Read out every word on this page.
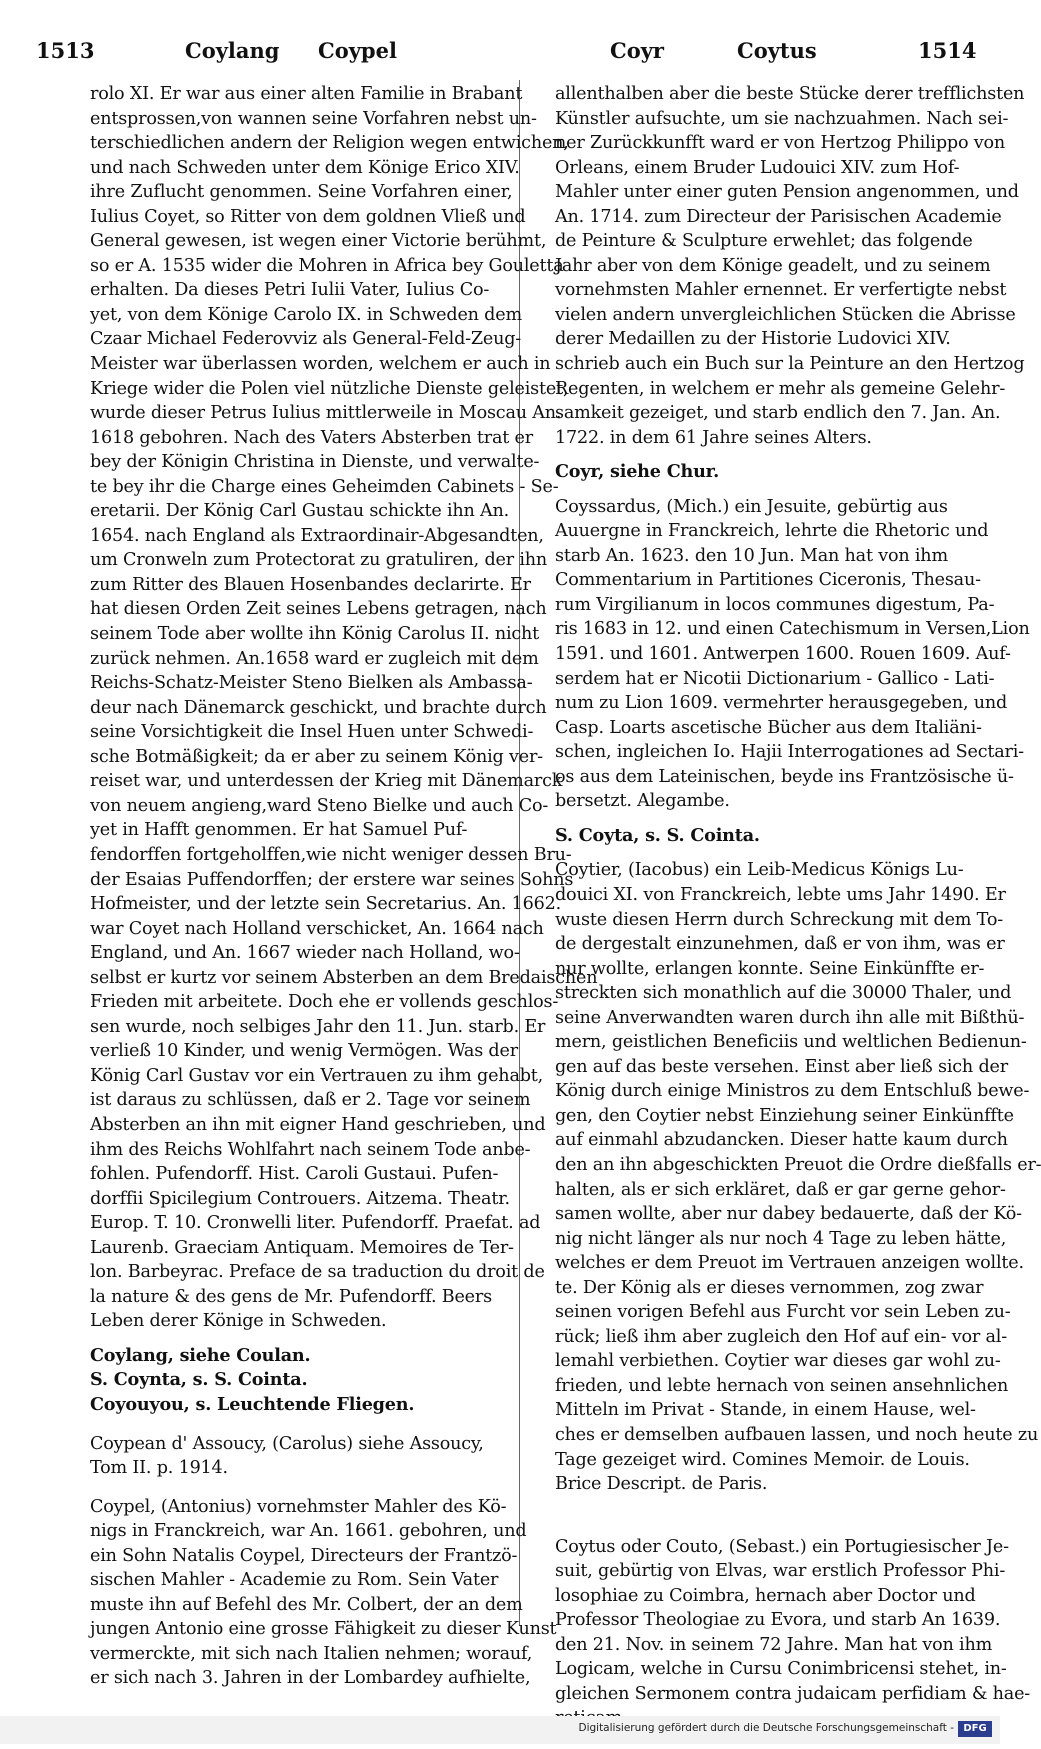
1513	Coylang Coypel	Coyr	Coytus	1514
rolo XI. Er war aus einer alten Familie in Brabant
entsprossen,von wannen seine Vorfahren nebst un-
terschiedlichen andern der Religion wegen entwichen,
und nach Schweden unter dem Könige Erico XIV.
ihre Zuflucht genommen. Seine Vorfahren einer,
Iulius Coyet, so Ritter von dem goldnen Vließ und
General gewesen, ist wegen einer Victorie berühmt,
so er A. 1535 wider die Mohren in Africa bey Gouletta
erhalten. Da dieses Petri Iulii Vater, Iulius Co-
yet, von dem Könige Carolo IX. in Schweden dem
Czaar Michael Federovviz als General-Feld-Zeug-
Meister war überlassen worden, welchem er auch in
Kriege wider die Polen viel nützliche Dienste geleistet,
wurde dieser Petrus Iulius mittlerweile in Moscau An.
1618 gebohren. Nach des Vaters Absterben trat er
bey der Königin Christina in Dienste, und verwalte-
te bey ihr die Charge eines Geheimden Cabinets - Se-
eretarii. Der König Carl Gustau schickte ihn An.
1654. nach England als Extraordinair-Abgesandten,
um Cronweln zum Protectorat zu gratuliren, der ihn
zum Ritter des Blauen Hosenbandes declarirte. Er
hat diesen Orden Zeit seines Lebens getragen, nach
seinem Tode aber wollte ihn König Carolus II. nicht
zurück nehmen. An.1658 ward er zugleich mit dem
Reichs-Schatz-Meister Steno Bielken als Ambassa-
deur nach Dänemarck geschickt, und brachte durch
seine Vorsichtigkeit die Insel Huen unter Schwedi-
sche Botmäßigkeit; da er aber zu seinem König ver-
reiset war, und unterdessen der Krieg mit Dänemarck
von neuem angieng,ward Steno Bielke und auch Co-
yet in Hafft genommen. Er hat Samuel Puf-
fendorffen fortgeholffen,wie nicht weniger dessen Bru-
der Esaias Puffendorffen; der erstere war seines Sohns
Hofmeister, und der letzte sein Secretarius. An. 1662.
war Coyet nach Holland verschicket, An. 1664 nach
England, und An. 1667 wieder nach Holland, wo-
selbst er kurtz vor seinem Absterben an dem Bredaischen
Frieden mit arbeitete. Doch ehe er vollends geschlos-
sen wurde, noch selbiges Jahr den 11. Jun. starb. Er
verließ 10 Kinder, und wenig Vermögen. Was der
König Carl Gustav vor ein Vertrauen zu ihm gehabt,
ist daraus zu schlüssen, daß er 2. Tage vor seinem
Absterben an ihn mit eigner Hand geschrieben, und
ihm des Reichs Wohlfahrt nach seinem Tode anbe-
fohlen. Pufendorff. Hist. Caroli Gustaui. Pufen-
dorffii Spicilegium Controuers. Aitzema. Theatr.
Europ. T. 10. Cronwelli liter. Pufendorff. Praefat. ad
Laurenb. Graeciam Antiquam. Memoires de Ter-
lon. Barbeyrac. Preface de sa traduction du droit de
la nature & des gens de Mr. Pufendorff. Beers
Leben derer Könige in Schweden.
Coylang, siehe Coulan.
S. Coynta, s. S. Cointa.
Coyouyou, s. Leuchtende Fliegen.
Coypean d' Assoucy, (Carolus) siehe Assoucy,
Tom II. p. 1914.
Coypel, (Antonius) vornehmster Mahler des Kö-
nigs in Franckreich, war An. 1661. gebohren, und
ein Sohn Natalis Coypel, Directeurs der Frantzö-
sischen Mahler - Academie zu Rom. Sein Vater
muste ihn auf Befehl des Mr. Colbert, der an dem
jungen Antonio eine grosse Fähigkeit zu dieser Kunst
vermerckte, mit sich nach Italien nehmen; worauf,
er sich nach 3. Jahren in der Lombardey aufhielte,
allenthalben aber die beste Stücke derer trefflichsten
Künstler aufsuchte, um sie nachzuahmen. Nach sei-
ner Zurückkunfft ward er von Hertzog Philippo von
Orleans, einem Bruder Ludouici XIV. zum Hof-
Mahler unter einer guten Pension angenommen, und
An. 1714. zum Directeur der Parisischen Academie
de Peinture & Sculpture erwehlet; das folgende
Jahr aber von dem Könige geadelt, und zu seinem
vornehmsten Mahler ernennet. Er verfertigte nebst
vielen andern unvergleichlichen Stücken die Abrisse
derer Medaillen zu der Historie Ludovici XIV.
schrieb auch ein Buch sur la Peinture an den Hertzog
Regenten, in welchem er mehr als gemeine Gelehr-
samkeit gezeiget, und starb endlich den 7. Jan. An.
1722. in dem 61 Jahre seines Alters.
Coyr, siehe Chur.
Coyssardus, (Mich.) ein Jesuite, gebürtig aus
Auuergne in Franckreich, lehrte die Rhetoric und
starb An. 1623. den 10 Jun. Man hat von ihm
Commentarium in Partitiones Ciceronis, Thesau-
rum Virgilianum in locos communes digestum, Pa-
ris 1683 in 12. und einen Catechismum in Versen,Lion
1591. und 1601. Antwerpen 1600. Rouen 1609. Auf-
serdem hat er Nicotii Dictionarium - Gallico - Lati-
num zu Lion 1609. vermehrter herausgegeben, und
Casp. Loarts ascetische Bücher aus dem Italiäni-
schen, ingleichen Io. Hajii Interrogationes ad Sectari-
os aus dem Lateinischen, beyde ins Frantzösische ü-
bersetzt. Alegambe.
S. Coyta, s. S. Cointa.
Coytier, (Iacobus) ein Leib-Medicus Königs Lu-
douici XI. von Franckreich, lebte ums Jahr 1490. Er
wuste diesen Herrn durch Schreckung mit dem To-
de dergestalt einzunehmen, daß er von ihm, was er
nur wollte, erlangen konnte. Seine Einkünffte er-
streckten sich monathlich auf die 30000 Thaler, und
seine Anverwandten waren durch ihn alle mit Bißthü-
mern, geistlichen Beneficiis und weltlichen Bedienun-
gen auf das beste versehen. Einst aber ließ sich der
König durch einige Ministros zu dem Entschluß bewe-
gen, den Coytier nebst Einziehung seiner Einkünffte
auf einmahl abzudancken. Dieser hatte kaum durch
den an ihn abgeschickten Preuot die Ordre dießfalls er-
halten, als er sich erkläret, daß er gar gerne gehor-
samen wollte, aber nur dabey bedauerte, daß der Kö-
nig nicht länger als nur noch 4 Tage zu leben hätte,
welches er dem Preuot im Vertrauen anzeigen wollte.
te. Der König als er dieses vernommen, zog zwar
seinen vorigen Befehl aus Furcht vor sein Leben zu-
rück; ließ ihm aber zugleich den Hof auf ein- vor al-
lemahl verbiethen. Coytier war dieses gar wohl zu-
frieden, und lebte hernach von seinen ansehnlichen
Mitteln im Privat - Stande, in einem Hause, wel-
ches er demselben aufbauen lassen, und noch heute zu
Tage gezeiget wird. Comines Memoir. de Louis.
Brice Descript. de Paris.
Coytus oder Couto, (Sebast.) ein Portugiesischer Je-
suit, gebürtig von Elvas, war erstlich Professor Phi-
losophiae zu Coimbra, hernach aber Doctor und
Professor Theologiae zu Evora, und starb An 1639.
den 21. Nov. in seinem 72 Jahre. Man hat von ihm
Logicam, welche in Cursu Conimbricensi stehet, in-
gleichen Sermonem contra judaicam perfidiam & hae-
Digitalisierung gefördert durch die Deutsche Forschungsgemeinschaft - DFG
